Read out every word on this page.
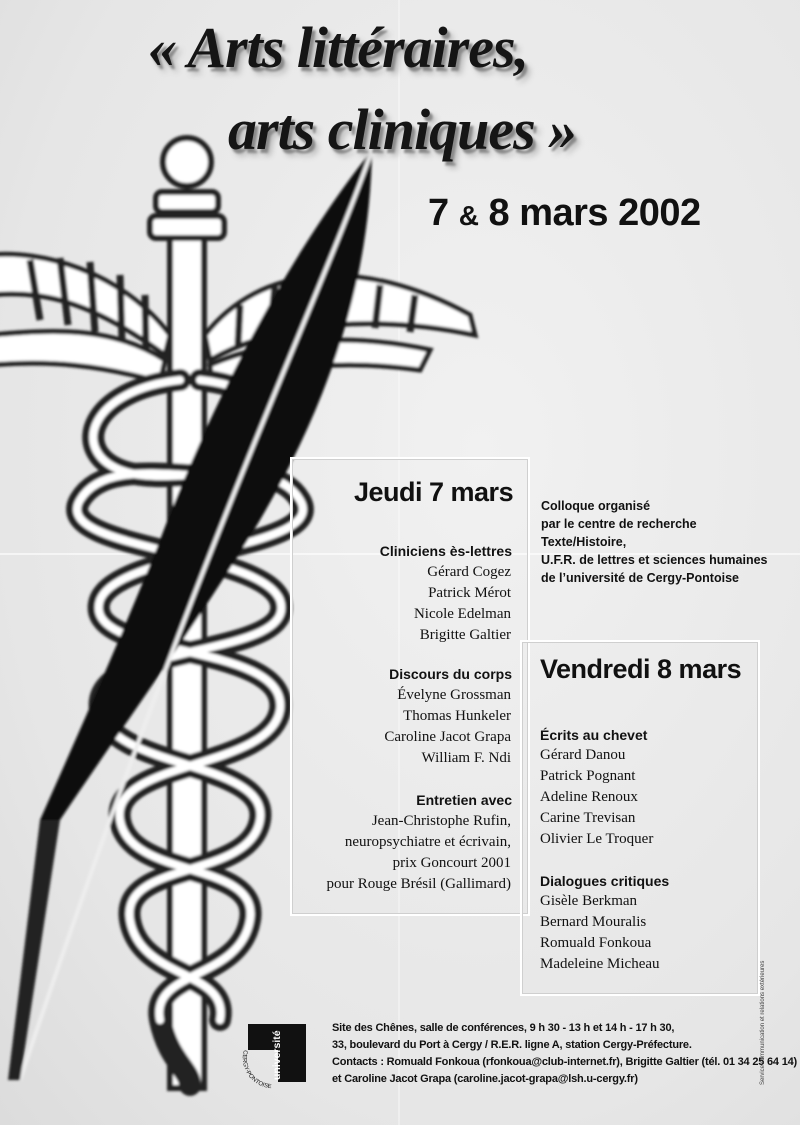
« Arts littéraires,
arts cliniques »
7 & 8 mars 2002
Jeudi 7 mars
Cliniciens ès-lettres
Gérard Cogez
Patrick Mérot
Nicole Edelman
Brigitte Galtier
Discours du corps
Évelyne Grossman
Thomas Hunkeler
Caroline Jacot Grapa
William F. Ndi
Entretien avec
Jean-Christophe Rufin,
neuropsychiatre et écrivain,
prix Goncourt 2001
pour Rouge Brésil (Gallimard)
Colloque organisé
par le centre de recherche
Texte/Histoire,
U.F.R. de lettres et sciences humaines
de l’université de Cergy-Pontoise
Vendredi 8 mars
Écrits au chevet
Gérard Danou
Patrick Pognant
Adeline Renoux
Carine Trevisan
Olivier Le Troquer
Dialogues critiques
Gisèle Berkman
Bernard Mouralis
Romuald Fonkoua
Madeleine Micheau
université
CERGY-PONTOISE
Site des Chênes, salle de conférences, 9 h 30 - 13 h et 14 h - 17 h 30,
33, boulevard du Port à Cergy / R.E.R. ligne A, station Cergy-Préfecture.
Contacts : Romuald Fonkoua (rfonkoua@club-internet.fr), Brigitte Galtier (tél. 01 34 25 64 14)
et Caroline Jacot Grapa (caroline.jacot-grapa@lsh.u-cergy.fr)	Service communication et relations extérieures
